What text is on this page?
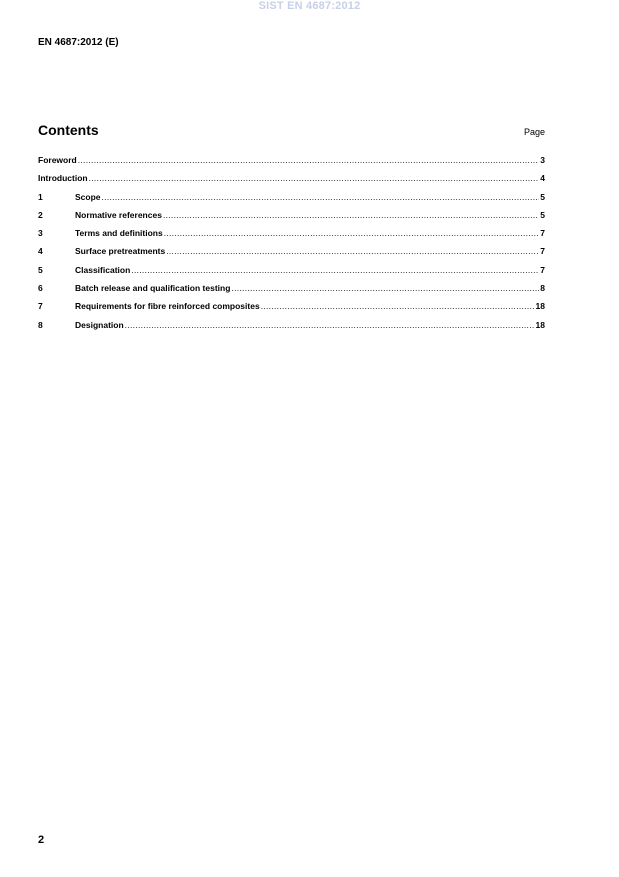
SIST EN 4687:2012
EN 4687:2012 (E)
Contents	Page
Foreword .....	3
Introduction .....	4
1	Scope .....	5
2	Normative references .....	5
3	Terms and definitions .....	7
4	Surface pretreatments .....	7
5	Classification .....	7
6	Batch release and qualification testing .....	8
7	Requirements for fibre reinforced composites .....	18
8	Designation .....	18
2
